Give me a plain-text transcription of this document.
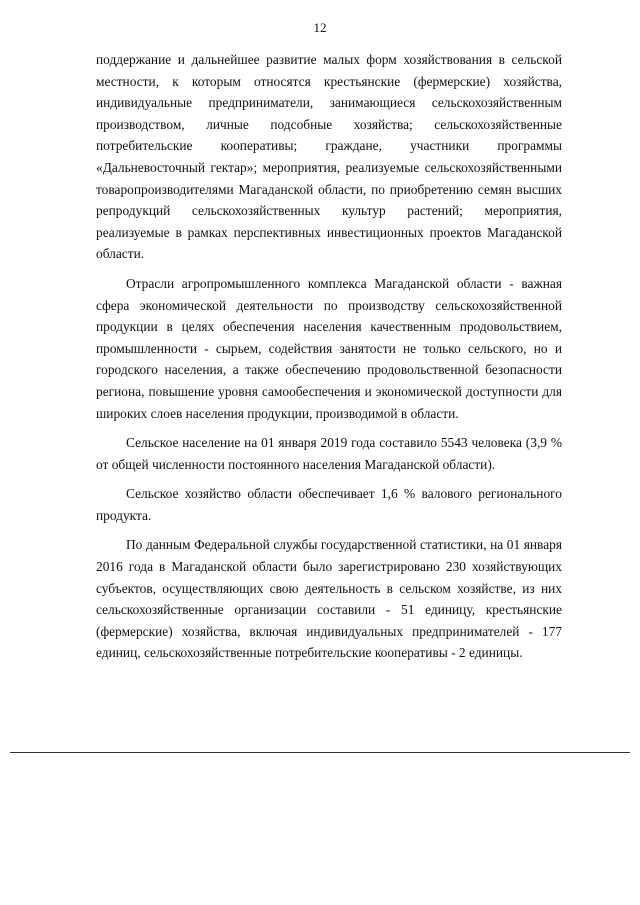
12

поддержание и дальнейшее развитие малых форм хозяйствования в сельской местности, к которым относятся крестьянские (фермерские) хозяйства, индивидуальные предприниматели, занимающиеся сельскохозяйственным производством, личные подсобные хозяйства; сельскохозяйственные потребительские кооперативы; граждане, участники программы «Дальневосточный гектар»; мероприятия, реализуемые сельскохозяйственными товаропроизводителями Магаданской области, по приобретению семян высших репродукций сельскохозяйственных культур растений; мероприятия, реализуемые в рамках перспективных инвестиционных проектов Магаданской области.

Отрасли агропромышленного комплекса Магаданской области - важная сфера экономической деятельности по производству сельскохозяйственной продукции в целях обеспечения населения качественным продовольствием, промышленности - сырьем, содействия занятости не только сельского, но и городского населения, а также обеспечению продовольственной безопасности региона, повышение уровня самообеспечения и экономической доступности для широких слоев населения продукции, производимой в области.

Сельское население на 01 января 2019 года составило 5543 человека (3,9 % от общей численности постоянного населения Магаданской области).

Сельское хозяйство области обеспечивает 1,6 % валового регионального продукта.

По данным Федеральной службы государственной статистики, на 01 января 2016 года в Магаданской области было зарегистрировано 230 хозяйствующих субъектов, осуществляющих свою деятельность в сельском хозяйстве, из них сельскохозяйственные организации составили - 51 единицу, крестьянские (фермерские) хозяйства, включая индивидуальных предпринимателей - 177 единиц, сельскохозяйственные потребительские кооперативы - 2 единицы.
